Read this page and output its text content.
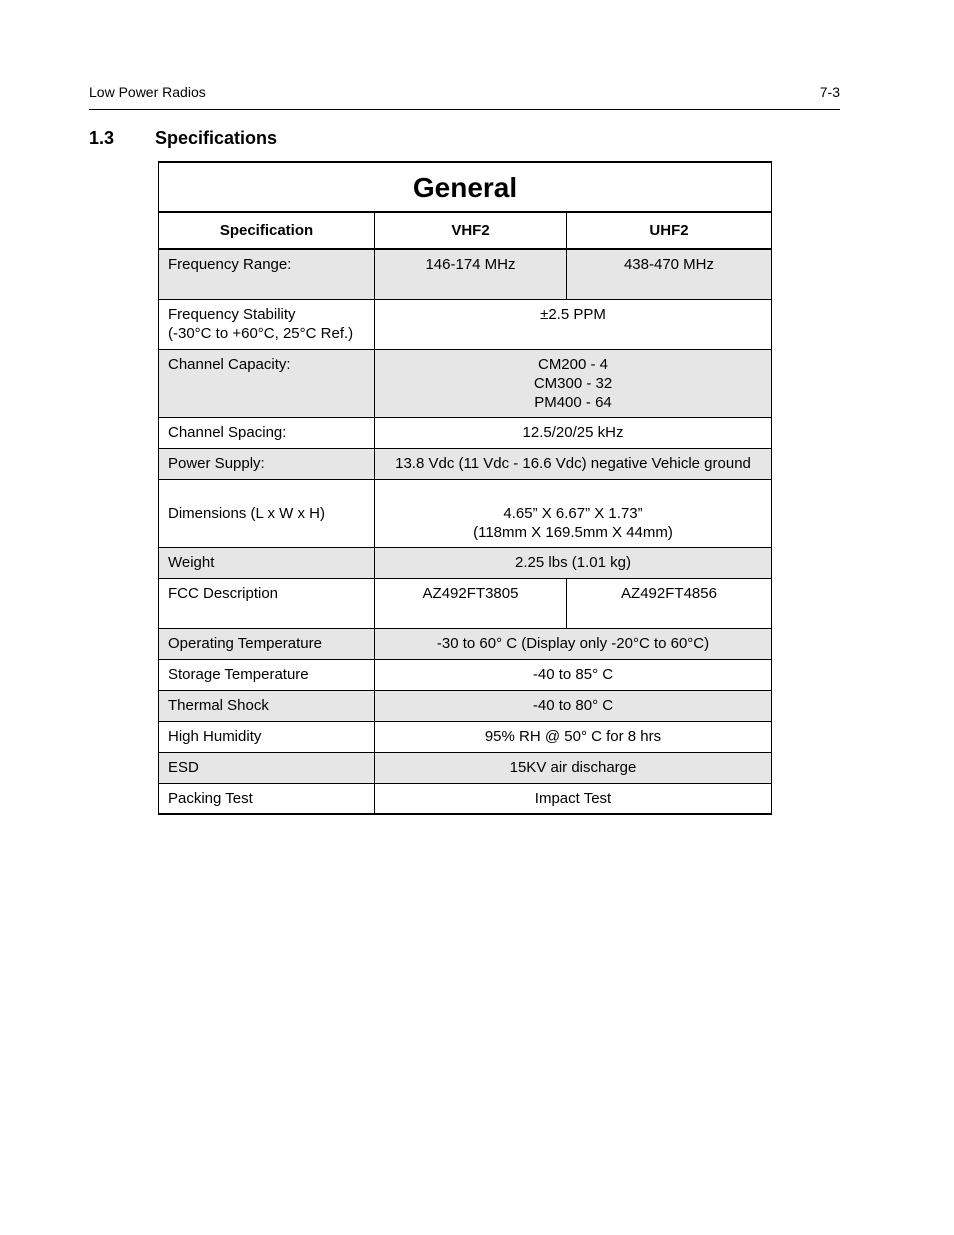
Low Power Radios	7-3
1.3 Specifications
General		
Specification	VHF2	UHF2
Frequency Range:	146-174 MHz	438-470 MHz

Frequency Stability
(-30°C to +60°C, 25°C Ref.)	±2.5 PPM	
Channel Capacity:	CM200 - 4
CM300 - 32
PM400 - 64	

Channel Spacing:	12.5/20/25 kHz	
Power Supply:	13.8 Vdc (11 Vdc - 16.6 Vdc) negative Vehicle ground	
Dimensions (L x W x H)	4.65” X 6.67” X 1.73”
(118mm X 169.5mm X 44mm)	

Weight	2.25 lbs (1.01 kg)	
FCC Description	AZ492FT3805	AZ492FT4856
Operating Temperature	-30 to 60° C (Display only -20°C to 60°C)	
Storage Temperature	-40 to 85° C	
Thermal Shock	-40 to 80° C	
High Humidity	95% RH @ 50° C for 8 hrs	
ESD	15KV air discharge	
Packing Test	Impact Test	
